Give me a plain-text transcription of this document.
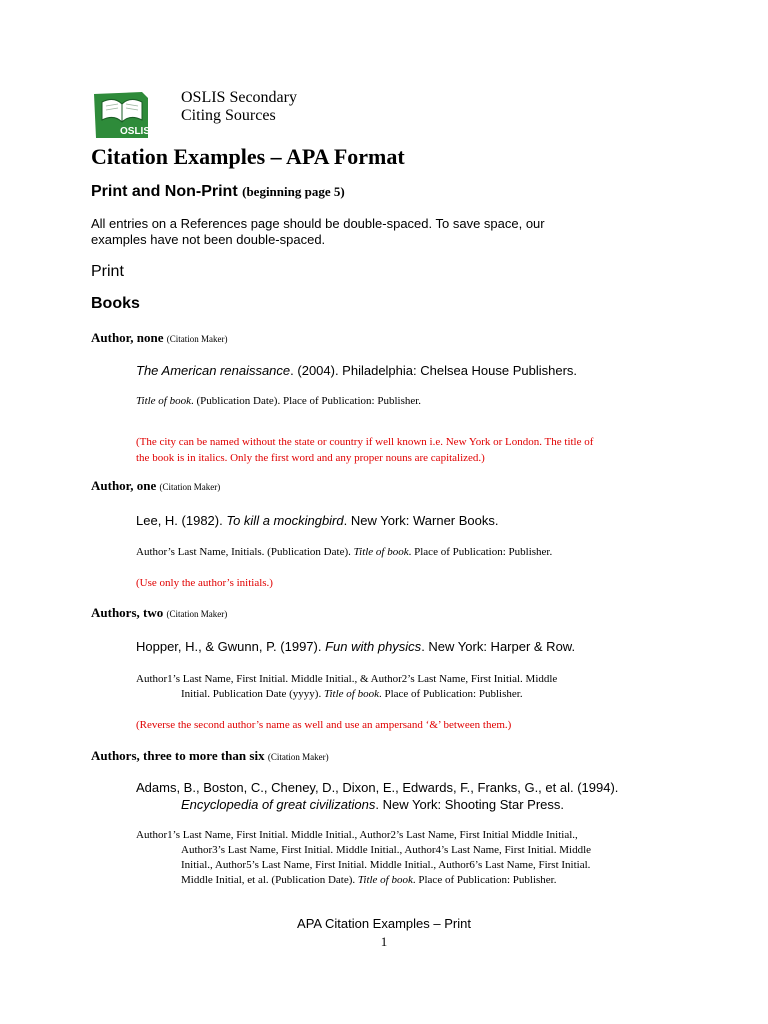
OSLIS
OSLIS Secondary
Citing Sources
Citation Examples – APA Format
Print and Non-Print (beginning page 5)
All entries on a References page should be double-spaced. To save space, our examples have not been double-spaced.
Print
Books
Author, none (Citation Maker)
The American renaissance. (2004). Philadelphia: Chelsea House Publishers.
Title of book. (Publication Date). Place of Publication: Publisher.
(The city can be named without the state or country if well known i.e. New York or London. The title of
the book is in italics. Only the first word and any proper nouns are capitalized.)
Author, one (Citation Maker)
Lee, H. (1982). To kill a mockingbird. New York: Warner Books.
Author’s Last Name, Initials. (Publication Date). Title of book. Place of Publication: Publisher.
(Use only the author’s initials.)
Authors, two (Citation Maker)
Hopper, H., & Gwunn, P. (1997). Fun with physics. New York: Harper & Row.
Author1’s Last Name, First Initial. Middle Initial., & Author2’s Last Name, First Initial. Middle
Initial. Publication Date (yyyy). Title of book. Place of Publication: Publisher.
(Reverse the second author’s name as well and use an ampersand ‘&’ between them.)
Authors, three to more than six (Citation Maker)
Adams, B., Boston, C., Cheney, D., Dixon, E., Edwards, F., Franks, G., et al. (1994).
Encyclopedia of great civilizations. New York: Shooting Star Press.
Author1’s Last Name, First Initial. Middle Initial., Author2’s Last Name, First Initial Middle Initial.,
Author3’s Last Name, First Initial. Middle Initial., Author4’s Last Name, First Initial. Middle
Initial., Author5’s Last Name, First Initial. Middle Initial., Author6’s Last Name, First Initial.
Middle Initial, et al. (Publication Date). Title of book. Place of Publication: Publisher.
APA Citation Examples – Print
1
